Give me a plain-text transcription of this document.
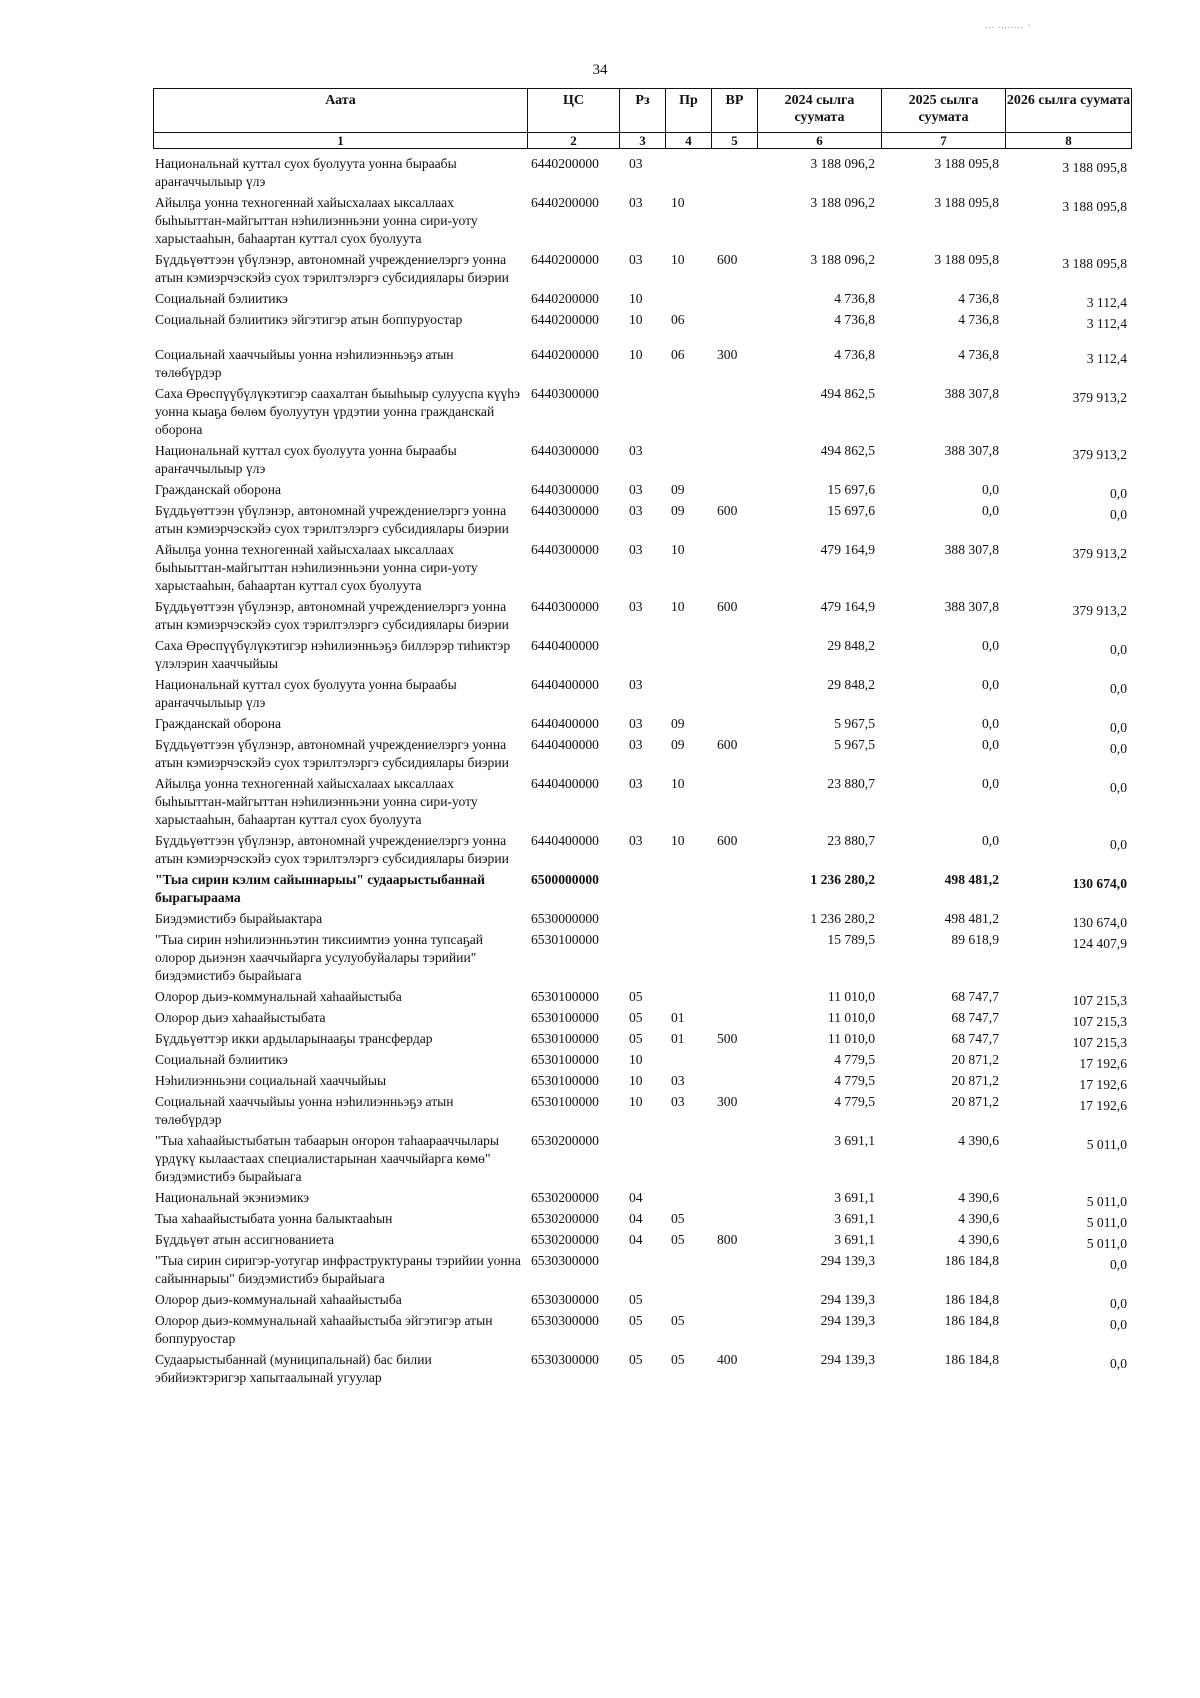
... ........ ·
34
Аата	ЦС	Рз	Пр	ВР	2024 сылга суумата	2025 сылга суумата	2026 сылга суумата
1	2	3	4	5	6	7	8
Национальнай куттал суох буолуута уонна быраабы араҥаччылыыр үлэ	6440200000	03			3 188 096,2	3 188 095,8	3 188 095,8
Айылҕа уонна техногеннай хайысхалаах ыксаллаах быһыыттан-майгыттан нэһилиэнньэни уонна сири-уоту харыстааһын, баһаартан куттал суох буолуута	6440200000	03	10		3 188 096,2	3 188 095,8	3 188 095,8
Бүддьүөттээн үбүлэнэр, автономнай учреждениелэргэ уонна атын кэмиэрчэскэйэ суох тэрилтэлэргэ субсидиялары биэрии	6440200000	03	10	600	3 188 096,2	3 188 095,8	3 188 095,8
Социальнай бэлиитикэ	6440200000	10			4 736,8	4 736,8	3 112,4
Социальнай бэлиитикэ эйгэтигэр атын боппуруостар	6440200000	10	06		4 736,8	4 736,8	3 112,4
Социальнай хааччыйыы уонна нэһилиэнньэҕэ атын төлөбүрдэр	6440200000	10	06	300	4 736,8	4 736,8	3 112,4
Саха Өрөспүүбүлүкэтигэр саахалтан быыһыыр сулууспа күүһэ уонна кыаҕа бөлөм буолуутун үрдэтии уонна гражданскай оборона	6440300000				494 862,5	388 307,8	379 913,2
Национальнай куттал суох буолуута уонна быраабы араҥаччылыыр үлэ	6440300000	03			494 862,5	388 307,8	379 913,2
Гражданскай оборона	6440300000	03	09		15 697,6	0,0	0,0
Бүддьүөттээн үбүлэнэр, автономнай учреждениелэргэ уонна атын кэмиэрчэскэйэ суох тэрилтэлэргэ субсидиялары биэрии	6440300000	03	09	600	15 697,6	0,0	0,0
Айылҕа уонна техногеннай хайысхалаах ыксаллаах быһыыттан-майгыттан нэһилиэнньэни уонна сири-уоту харыстааһын, баһаартан куттал суох буолуута	6440300000	03	10		479 164,9	388 307,8	379 913,2
Бүддьүөттээн үбүлэнэр, автономнай учреждениелэргэ уонна атын кэмиэрчэскэйэ суох тэрилтэлэргэ субсидиялары биэрии	6440300000	03	10	600	479 164,9	388 307,8	379 913,2
Саха Өрөспүүбүлүкэтигэр нэһилиэнньэҕэ биллэрэр тиһиктэр үлэлэрин хааччыйыы	6440400000				29 848,2	0,0	0,0
Национальнай куттал суох буолуута уонна быраабы араҥаччылыыр үлэ	6440400000	03			29 848,2	0,0	0,0
Гражданскай оборона	6440400000	03	09		5 967,5	0,0	0,0
Бүддьүөттээн үбүлэнэр, автономнай учреждениелэргэ уонна атын кэмиэрчэскэйэ суох тэрилтэлэргэ субсидиялары биэрии	6440400000	03	09	600	5 967,5	0,0	0,0
Айылҕа уонна техногеннай хайысхалаах ыксаллаах быһыыттан-майгыттан нэһилиэнньэни уонна сири-уоту харыстааһын, баһаартан куттал суох буолуута	6440400000	03	10		23 880,7	0,0	0,0
Бүддьүөттээн үбүлэнэр, автономнай учреждениелэргэ уонна атын кэмиэрчэскэйэ суох тэрилтэлэргэ субсидиялары биэрии	6440400000	03	10	600	23 880,7	0,0	0,0
"Тыа сирин кэлим сайыннарыы" судаарыстыбаннай бырагыраама	6500000000				1 236 280,2	498 481,2	130 674,0
Биэдэмистибэ бырайыактара	6530000000				1 236 280,2	498 481,2	130 674,0
"Тыа сирин нэһилиэнньэтин тиксиимтиэ уонна тупсаҕай олорор дьиэнэн хааччыйарга усулуобуйалары тэрийии" биэдэмистибэ бырайыага	6530100000				15 789,5	89 618,9	124 407,9
Олорор дьиэ-коммунальнай хаһаайыстыба	6530100000	05			11 010,0	68 747,7	107 215,3
Олорор дьиэ хаһаайыстыбата	6530100000	05	01		11 010,0	68 747,7	107 215,3
Бүддьүөттэр икки ардыларынааҕы трансфердар	6530100000	05	01	500	11 010,0	68 747,7	107 215,3
Социальнай бэлиитикэ	6530100000	10			4 779,5	20 871,2	17 192,6
Нэһилиэнньэни социальнай хааччыйыы	6530100000	10	03		4 779,5	20 871,2	17 192,6
Социальнай хааччыйыы уонна нэһилиэнньэҕэ атын төлөбүрдэр	6530100000	10	03	300	4 779,5	20 871,2	17 192,6
"Тыа хаһаайыстыбатын табаарын оҥорон таһаарааччылары үрдүкү кылаастаах специалистарынан хааччыйарга көмө" биэдэмистибэ бырайыага	6530200000				3 691,1	4 390,6	5 011,0
Национальнай экэниэмикэ	6530200000	04			3 691,1	4 390,6	5 011,0
Тыа хаһаайыстыбата уонна балыктааһын	6530200000	04	05		3 691,1	4 390,6	5 011,0
Бүддьүөт атын ассигнованиета	6530200000	04	05	800	3 691,1	4 390,6	5 011,0
"Тыа сирин сиригэр-уотугар инфраструктураны тэрийии уонна сайыннарыы" биэдэмистибэ бырайыага	6530300000				294 139,3	186 184,8	0,0
Олорор дьиэ-коммунальнай хаһаайыстыба	6530300000	05			294 139,3	186 184,8	0,0
Олорор дьиэ-коммунальнай хаһаайыстыба эйгэтигэр атын боппуруостар	6530300000	05	05		294 139,3	186 184,8	0,0
Судаарыстыбаннай (муниципальнай) бас билии эбийиэктэригэр хапытаалынай угуулар	6530300000	05	05	400	294 139,3	186 184,8	0,0
